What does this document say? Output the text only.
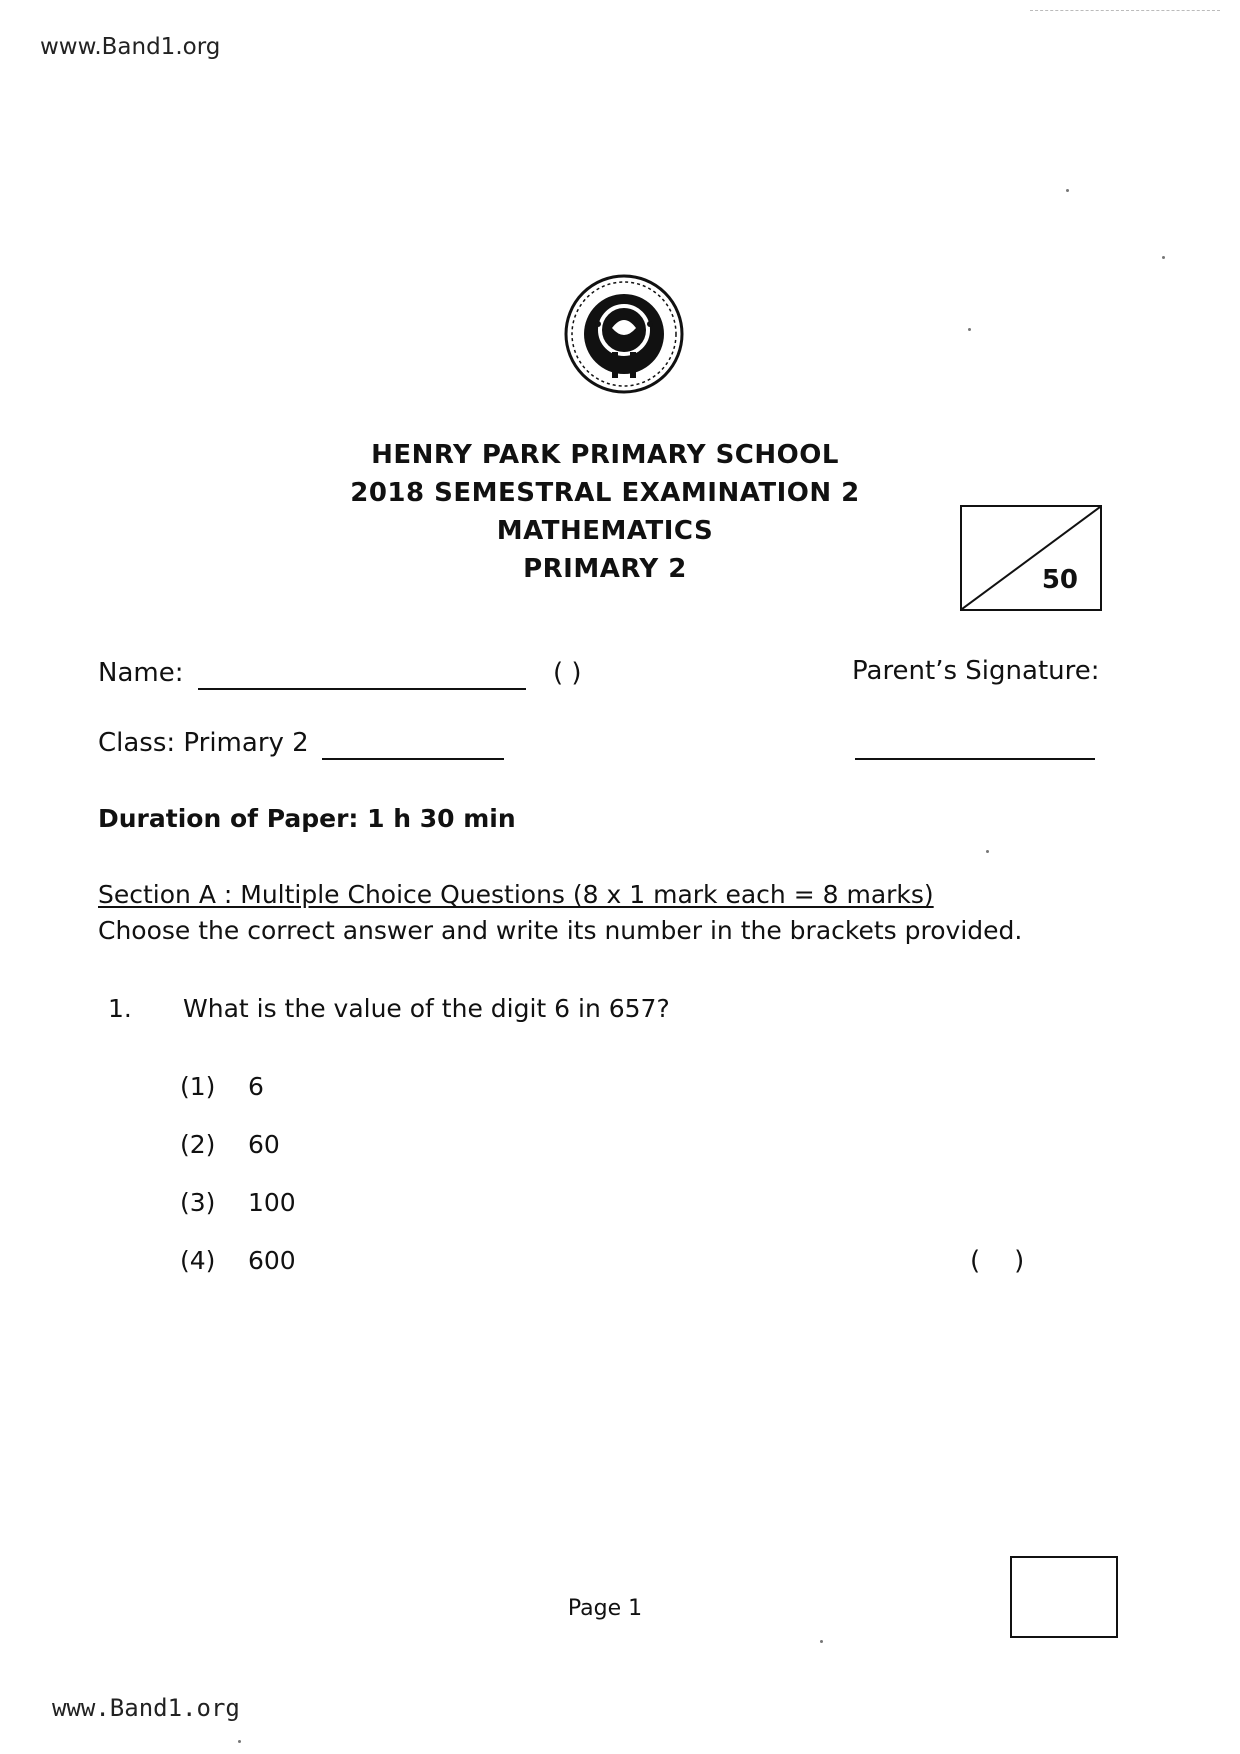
www.Band1.org
HENRY PARK PRIMARY SCHOOL
2018 SEMESTRAL EXAMINATION 2
MATHEMATICS
PRIMARY 2	50
Name:	( )	Parent’s Signature:
Class: Primary 2
Duration of Paper: 1 h 30 min
Section A : Multiple Choice Questions (8 x 1 mark each = 8 marks)
Choose the correct answer and write its number in the brackets provided.
1. What is the value of the digit 6 in 657?
(1) 6
(2) 60
(3) 100
(4) 600	()
Page 1
www.Band1.org
